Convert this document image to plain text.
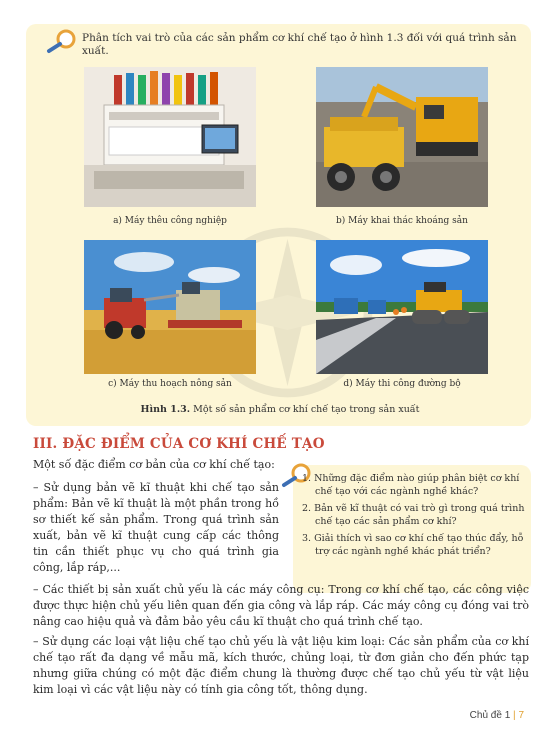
Phân tích vai trò của các sản phẩm cơ khí chế tạo ở hình 1.3 đối với quá trình sản xuất.
a) Máy thêu công nghiệp	b) Máy khai thác khoáng sản
c) Máy thu hoạch nông sản	d) Máy thi công đường bộ
Hình 1.3. Một số sản phẩm cơ khí chế tạo trong sản xuất
III. ĐẶC ĐIỂM CỦA CƠ KHÍ CHẾ TẠO
Một số đặc điểm cơ bản của cơ khí chế tạo:
– Sử dụng bản vẽ kĩ thuật khi chế tạo sản phẩm: Bản vẽ kĩ thuật là một phần trong hồ sơ thiết kế sản phẩm. Trong quá trình sản xuất, bản vẽ kĩ thuật cung cấp các thông tin cần thiết phục vụ cho quá trình gia công, lắp ráp,...
1. Những đặc điểm nào giúp phân biệt cơ khí chế tạo với các ngành nghề khác?
2. Bản vẽ kĩ thuật có vai trò gì trong quá trình chế tạo các sản phẩm cơ khí?
3. Giải thích vì sao cơ khí chế tạo thúc đẩy, hỗ trợ các ngành nghề khác phát triển?
– Các thiết bị sản xuất chủ yếu là các máy công cụ: Trong cơ khí chế tạo, các công việc được thực hiện chủ yếu liên quan đến gia công và lắp ráp. Các máy công cụ đóng vai trò nâng cao hiệu quả và đảm bảo yêu cầu kĩ thuật cho quá trình chế tạo.
– Sử dụng các loại vật liệu chế tạo chủ yếu là vật liệu kim loại: Các sản phẩm của cơ khí chế tạo rất đa dạng về mẫu mã, kích thước, chủng loại, từ đơn giản cho đến phức tạp nhưng giữa chúng có một đặc điểm chung là thường được chế tạo chủ yếu từ vật liệu kim loại vì các vật liệu này có tính gia công tốt, thông dụng.
Chủ đề 1 | 7
